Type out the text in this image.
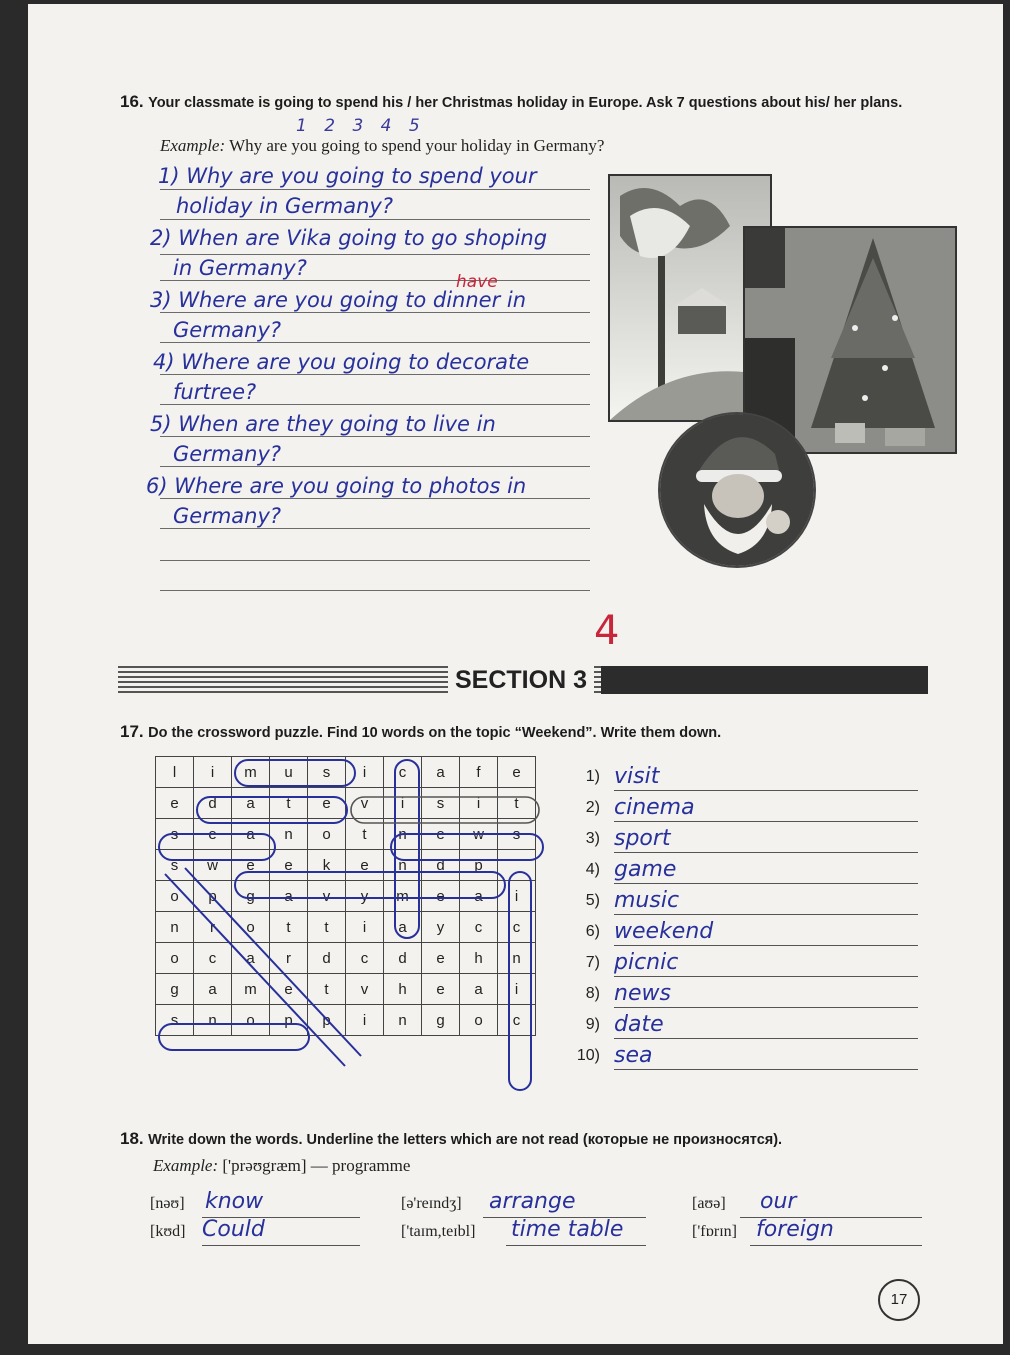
16. Your classmate is going to spend his / her Christmas holiday in Europe. Ask 7 questions about his/ her plans.
1 2 3 4 5
Example: Why are you going to spend your holiday in Germany?
1) Why are you going to spend your
holiday in Germany?
2) When are Vika going to go shoping
in Germany?
3) Where are you going to dinner in
Germany?
4) Where are you going to decorate
furtree?
5) When are they going to live in
Germany?
6) Where are you going to photos in
Germany?
have
4
SECTION 3
17. Do the crossword puzzle. Find 10 words on the topic “Weekend”. Write them down.
l	i	m	u	s	i	c	a	f	e
e	d	a	t	e	v	i	s	i	t
s	e	a	n	o	t	n	e	w	s
s	w	e	e	k	e	n	d	p	
o	p	g	a	v	y	m	e	a	i
n	r	o	t	t	i	a	y	c	c
o	c	a	r	d	c	d	e	h	n
g	a	m	e	t	v	h	e	a	i
s	n	o	p	p	i	n	g	o	c
1) visit
2) cinema
3) sport
4) game
5) music
6) weekend
7) picnic
8) news
9) date
10) sea
18. Write down the words. Underline the letters which are not read (которые не произносятся).
Example: ['prəʊgræm] — programme
[nəʊ] know	[ə'reɪndʒ] arrange	[aʊə] our
[kʊd] Could	['taɪm,teɪbl] time table	['fɒrɪn] foreign
17
